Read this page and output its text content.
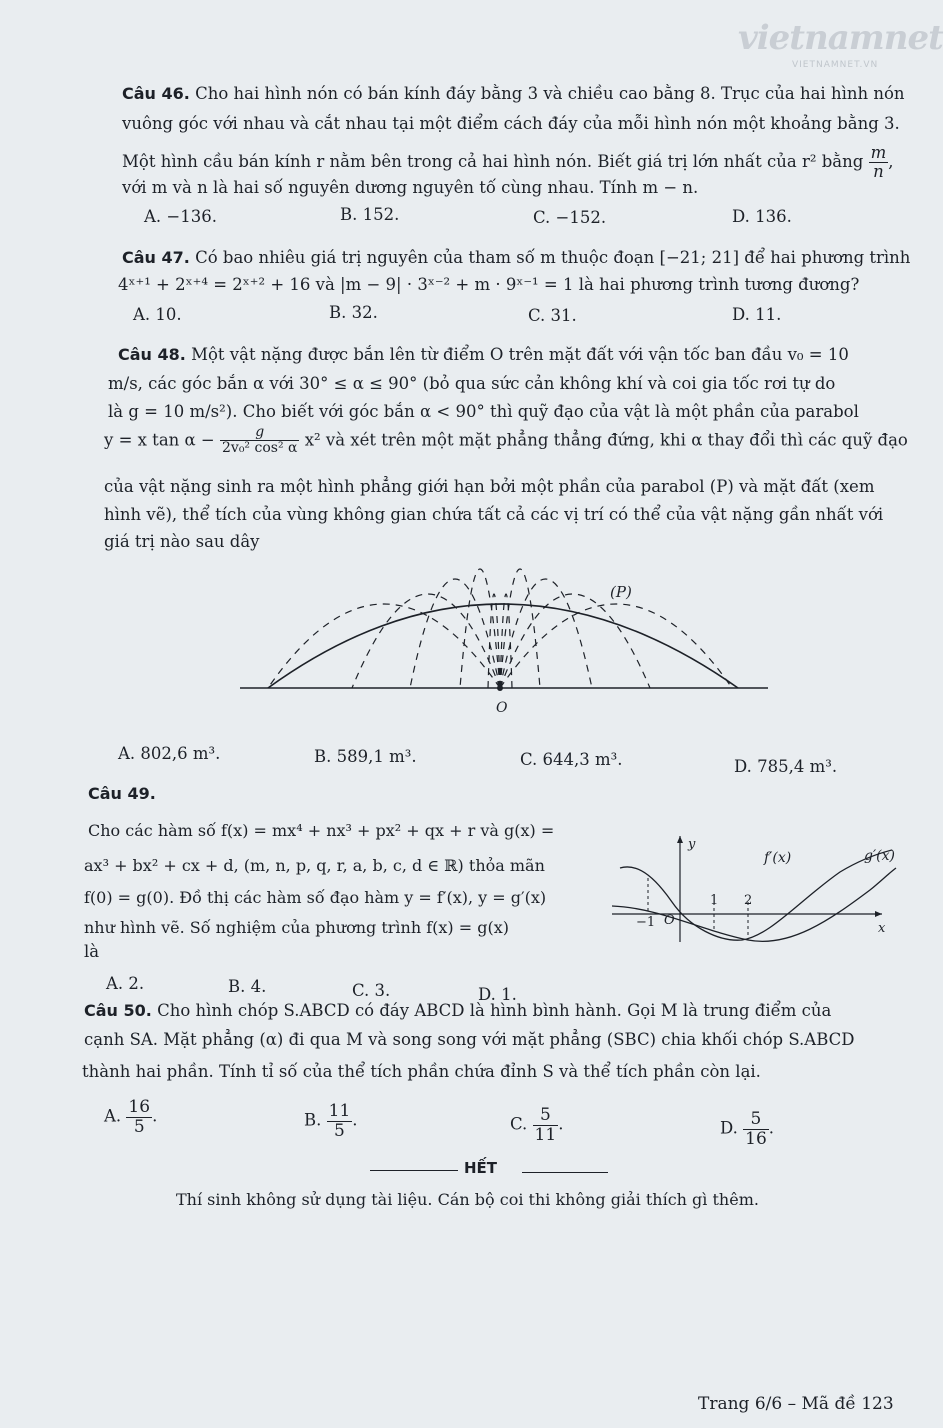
vietnamnet
VIETNAMNET.VN
Câu 46. Cho hai hình nón có bán kính đáy bằng 3 và chiều cao bằng 8. Trục của hai hình nón
vuông góc với nhau và cắt nhau tại một điểm cách đáy của mỗi hình nón một khoảng bằng 3.
Một hình cầu bán kính r nằm bên trong cả hai hình nón. Biết giá trị lớn nhất của r² bằng $\frac{m}{n}$ ,
với m và n là hai số nguyên dương nguyên tố cùng nhau. Tính m − n.
A. −136.	B. 152.	C. −152.	D. 136.
Câu 47. Có bao nhiêu giá trị nguyên của tham số m thuộc đoạn [−21; 21] để hai phương trình
4ˣ⁺¹ + 2ˣ⁺⁴ = 2ˣ⁺² + 16 và |m − 9| · 3ˣ⁻² + m · 9ˣ⁻¹ = 1 là hai phương trình tương đương?
A. 10.	B. 32.	C. 31.	D. 11.
Câu 48. Một vật nặng được bắn lên từ điểm O trên mặt đất với vận tốc ban đầu v₀ = 10
m/s, các góc bắn α với 30° ≤ α ≤ 90° (bỏ qua sức cản không khí và coi gia tốc rơi tự do
là g = 10 m/s²). Cho biết với góc bắn α < 90° thì quỹ đạo của vật là một phần của parabol
y = x $\tan \alpha - \frac{g}{\text{2v₀² cos² α}} x^2$ và xét trên một mặt phẳng thẳng đứng, khi α thay đổi thì các quỹ đạo
của vật nặng sinh ra một hình phẳng giới hạn bởi một phần của parabol (P) và mặt đất (xem
hình vẽ), thể tích của vùng không gian chứa tất cả các vị trí có thể của vật nặng gần nhất với
giá trị nào sau dây
(P)
O
y
x
f′(x)	g′(x)
−1 O
1 2
A. 802,6 m³.	B. 589,1 m³.	C. 644,3 m³.	D. 785,4 m³.
Câu 49.
Cho các hàm số f(x) = mx⁴ + nx³ + px² + qx + r và g(x) =
ax³ + bx² + cx + d, (m, n, p, q, r, a, b, c, d ∈ ℝ) thỏa mãn
f(0) = g(0). Đồ thị các hàm số đạo hàm y = f′(x), y = g′(x)
như hình vẽ. Số nghiệm của phương trình f(x) = g(x)
là
A. 2.	B. 4.	C. 3.	D. 1.
Câu 50. Cho hình chóp S.ABCD có đáy ABCD là hình bình hành. Gọi M là trung điểm của
cạnh SA. Mặt phẳng (α) đi qua M và song song với mặt phẳng (SBC) chia khối chóp S.ABCD
thành hai phần. Tính tỉ số của thể tích phần chứa đỉnh S và thể tích phần còn lại.
A. $\frac{16}{5}$ .	B. $\frac{11}{5}$ .	C. $\frac{5}{11}$ .	D. $\frac{5}{16}$ .
HẾT
Thí sinh không sử dụng tài liệu. Cán bộ coi thi không giải thích gì thêm.
Trang 6/6 – Mã đề 123
